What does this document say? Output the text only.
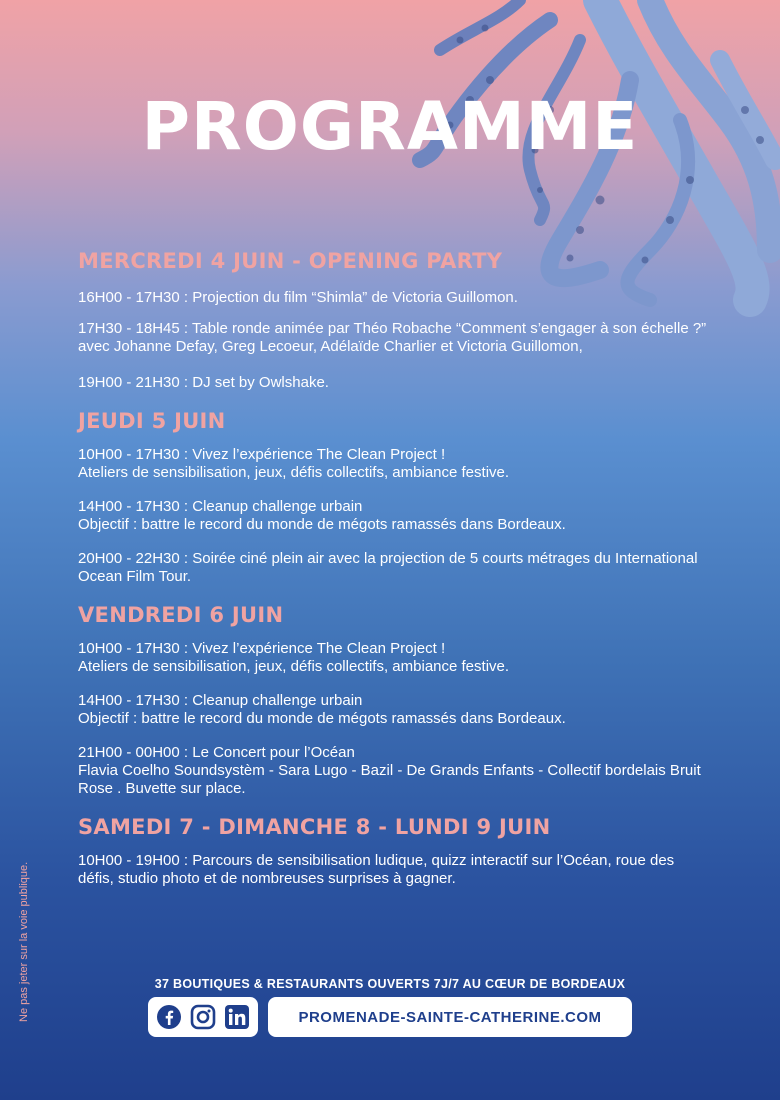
PROGRAMME
MERCREDI 4 JUIN - OPENING PARTY
16H00 - 17H30 : Projection du film “Shimla” de Victoria Guillomon.
17H30 - 18H45 : Table ronde animée par Théo Robache “Comment s’engager à son échelle ?” avec Johanne Defay, Greg Lecoeur, Adélaïde Charlier et Victoria Guillomon,
19H00 - 21H30 : DJ set by Owlshake.
JEUDI 5 JUIN
10H00 - 17H30 : Vivez l’expérience The Clean Project !
Ateliers de sensibilisation, jeux, défis collectifs, ambiance festive.
14H00 - 17H30 : Cleanup challenge urbain
Objectif : battre le record du monde de mégots ramassés dans Bordeaux.
20H00 - 22H30 : Soirée ciné plein air avec la projection de 5 courts métrages du International Ocean Film Tour.
VENDREDI 6 JUIN
10H00 - 17H30 : Vivez l’expérience The Clean Project !
Ateliers de sensibilisation, jeux, défis collectifs, ambiance festive.
14H00 - 17H30 : Cleanup challenge urbain
Objectif : battre le record du monde de mégots ramassés dans Bordeaux.
21H00 - 00H00 : Le Concert pour l’Océan
Flavia Coelho Soundsystèm - Sara Lugo - Bazil - De Grands Enfants - Collectif bordelais Bruit Rose . Buvette sur place.
SAMEDI 7 - DIMANCHE 8 - LUNDI 9 JUIN
10H00 - 19H00 : Parcours de sensibilisation ludique, quizz interactif sur l’Océan, roue des défis, studio photo et de nombreuses surprises à gagner.
Ne pas jeter sur la voie publique.	37 BOUTIQUES & RESTAURANTS OUVERTS 7J/7 AU CŒUR DE BORDEAUX
PROMENADE-SAINTE-CATHERINE.COM
